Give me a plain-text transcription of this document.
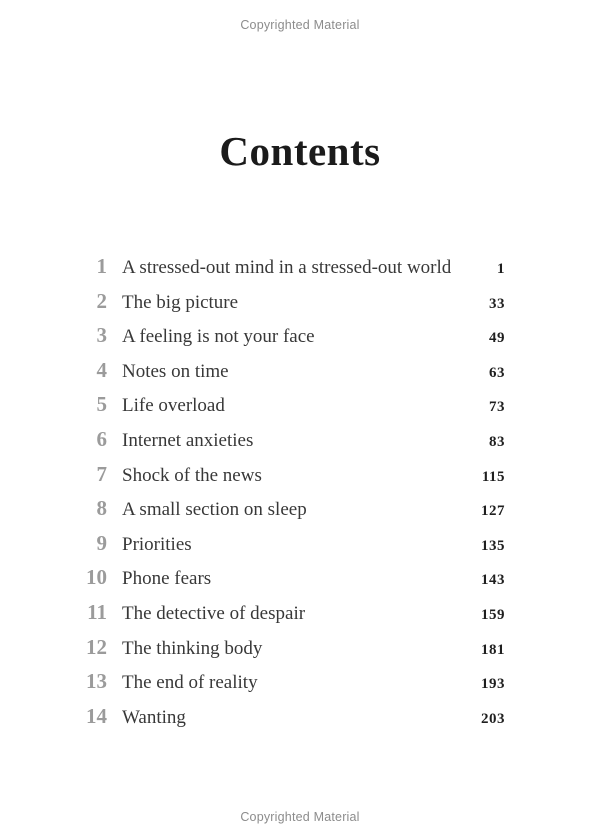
Copyrighted Material
Contents
1 A stressed-out mind in a stressed-out world	1
2 The big picture	33
3 A feeling is not your face	49
4 Notes on time	63
5 Life overload	73
6 Internet anxieties	83
7 Shock of the news	115
8 A small section on sleep	127
9 Priorities	135
10 Phone fears	143
11 The detective of despair	159
12 The thinking body	181
13 The end of reality	193
14 Wanting	203
Copyrighted Material
